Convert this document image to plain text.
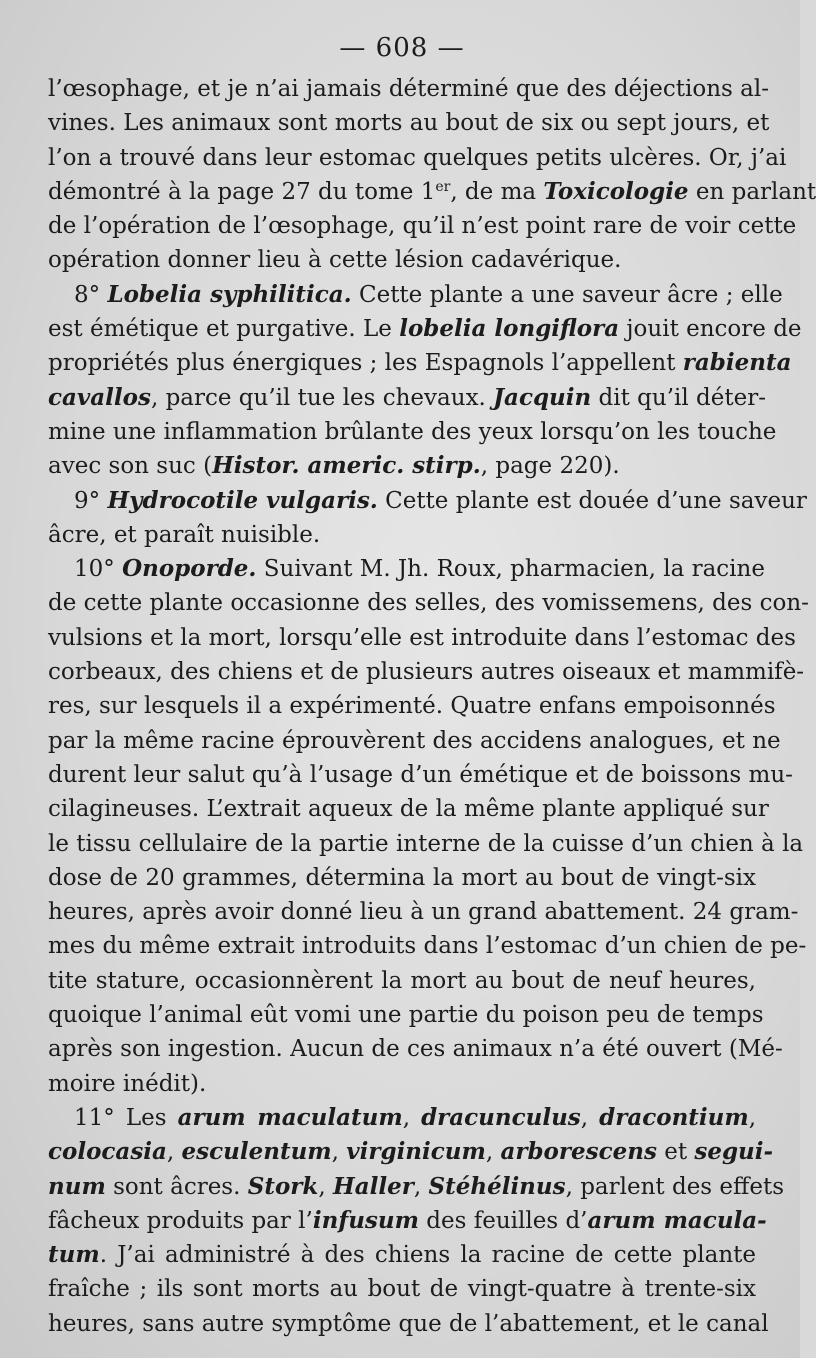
— 608 —
l’œsophage, et je n’ai jamais déterminé que des déjections al-
vines. Les animaux sont morts au bout de six ou sept jours, et
l’on a trouvé dans leur estomac quelques petits ulcères. Or, j’ai
démontré à la page 27 du tome 1er, de ma Toxicologie en parlant
de l’opération de l’œsophage, qu’il n’est point rare de voir cette
opération donner lieu à cette lésion cadavérique.
8° Lobelia syphilitica. Cette plante a une saveur âcre ; elle
est émétique et purgative. Le lobelia longiflora jouit encore de
propriétés plus énergiques ; les Espagnols l’appellent rabienta
cavallos, parce qu’il tue les chevaux. Jacquin dit qu’il déter-
mine une inflammation brûlante des yeux lorsqu’on les touche
avec son suc (Histor. americ. stirp., page 220).
9° Hydrocotile vulgaris. Cette plante est douée d’une saveur
âcre, et paraît nuisible.
10° Onoporde. Suivant M. Jh. Roux, pharmacien, la racine
de cette plante occasionne des selles, des vomissemens, des con-
vulsions et la mort, lorsqu’elle est introduite dans l’estomac des
corbeaux, des chiens et de plusieurs autres oiseaux et mammifè-
res, sur lesquels il a expérimenté. Quatre enfans empoisonnés
par la même racine éprouvèrent des accidens analogues, et ne
durent leur salut qu’à l’usage d’un émétique et de boissons mu-
cilagineuses. L’extrait aqueux de la même plante appliqué sur
le tissu cellulaire de la partie interne de la cuisse d’un chien à la
dose de 20 grammes, détermina la mort au bout de vingt-six
heures, après avoir donné lieu à un grand abattement. 24 gram-
mes du même extrait introduits dans l’estomac d’un chien de pe-
tite stature, occasionnèrent la mort au bout de neuf heures,
quoique l’animal eût vomi une partie du poison peu de temps
après son ingestion. Aucun de ces animaux n’a été ouvert (Mé-
moire inédit).
11° Les arum maculatum, dracunculus, dracontium,
colocasia, esculentum, virginicum, arborescens et segui-
num sont âcres. Stork, Haller, Stéhélinus, parlent des effets
fâcheux produits par l’infusum des feuilles d’arum macula-
tum. J’ai administré à des chiens la racine de cette plante
fraîche ; ils sont morts au bout de vingt-quatre à trente-six
heures, sans autre symptôme que de l’abattement, et le canal
